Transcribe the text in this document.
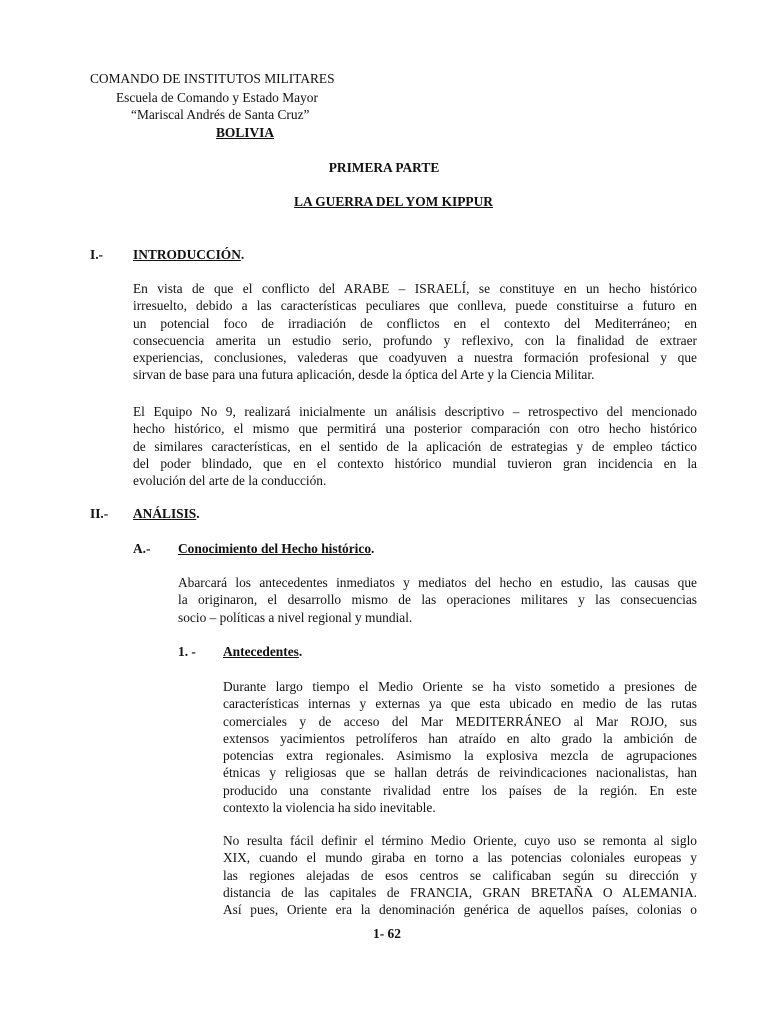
COMANDO DE INSTITUTOS MILITARES
Escuela de Comando y Estado Mayor
“Mariscal Andrés de Santa Cruz”
BOLIVIA
PRIMERA PARTE
LA GUERRA DEL YOM KIPPUR
I.- INTRODUCCIÓN.
En vista de que el conflicto del ARABE – ISRAELÍ, se constituye en un hecho histórico
irresuelto, debido a las características peculiares que conlleva, puede constituirse a futuro en
un potencial foco de irradiación de conflictos en el contexto del Mediterráneo; en
consecuencia amerita un estudio serio, profundo y reflexivo, con la finalidad de extraer
experiencias, conclusiones, valederas que coadyuven a nuestra formación profesional y que
sirvan de base para una futura aplicación, desde la óptica del Arte y la Ciencia Militar.
El Equipo No 9, realizará inicialmente un análisis descriptivo – retrospectivo del mencionado
hecho histórico, el mismo que permitirá una posterior comparación con otro hecho histórico
de similares características, en el sentido de la aplicación de estrategias y de empleo táctico
del poder blindado, que en el contexto histórico mundial tuvieron gran incidencia en la
evolución del arte de la conducción.
II.- ANÁLISIS.
A.- Conocimiento del Hecho histórico.
Abarcará los antecedentes inmediatos y mediatos del hecho en estudio, las causas que
la originaron, el desarrollo mismo de las operaciones militares y las consecuencias
socio – políticas a nivel regional y mundial.
1. - Antecedentes.
Durante largo tiempo el Medio Oriente se ha visto sometido a presiones de
características internas y externas ya que esta ubicado en medio de las rutas
comerciales y de acceso del Mar MEDITERRÁNEO al Mar ROJO, sus
extensos yacimientos petrolíferos han atraído en alto grado la ambición de
potencias extra regionales. Asimismo la explosiva mezcla de agrupaciones
étnicas y religiosas que se hallan detrás de reivindicaciones nacionalistas, han
producido una constante rivalidad entre los países de la región. En este
contexto la violencia ha sido inevitable.
No resulta fácil definir el término Medio Oriente, cuyo uso se remonta al siglo
XIX, cuando el mundo giraba en torno a las potencias coloniales europeas y
las regiones alejadas de esos centros se calificaban según su dirección y
distancia de las capitales de FRANCIA, GRAN BRETAÑA O ALEMANIA.
Así pues, Oriente era la denominación genérica de aquellos países, colonias o
1- 62
